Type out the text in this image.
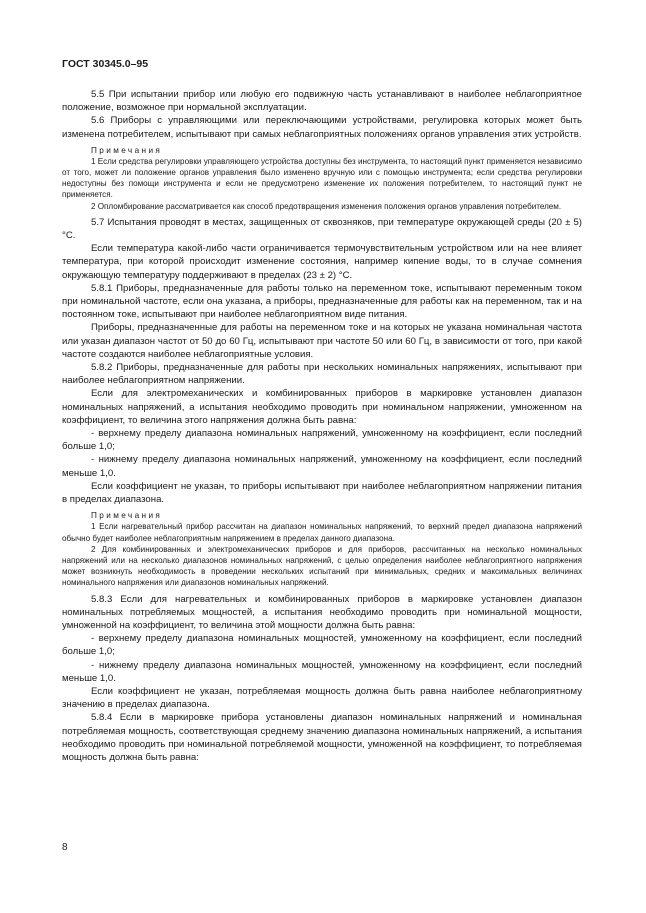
ГОСТ 30345.0–95
5.5 При испытании прибор или любую его подвижную часть устанавливают в наиболее неблагоприятное положение, возможное при нормальной эксплуатации.
5.6 Приборы с управляющими или переключающими устройствами, регулировка которых может быть изменена потребителем, испытывают при самых неблагоприятных положениях органов управления этих устройств.
Примечания
1 Если средства регулировки управляющего устройства доступны без инструмента, то настоящий пункт применяется независимо от того, может ли положение органов управления было изменено вручную или с помощью инструмента; если средства регулировки недоступны без помощи инструмента и если не предусмотрено изменение их положения потребителем, то настоящий пункт не применяется.
2 Опломбирование рассматривается как способ предотвращения изменения положения органов управления потребителем.
5.7 Испытания проводят в местах, защищенных от сквозняков, при температуре окружающей среды (20 ± 5) °С.
Если температура какой-либо части ограничивается термочувствительным устройством или на нее влияет температура, при которой происходит изменение состояния, например кипение воды, то в случае сомнения окружающую температуру поддерживают в пределах (23 ± 2) °С.
5.8.1 Приборы, предназначенные для работы только на переменном токе, испытывают переменным током при номинальной частоте, если она указана, а приборы, предназначенные для работы как на переменном, так и на постоянном токе, испытывают при наиболее неблагоприятном виде питания.
Приборы, предназначенные для работы на переменном токе и на которых не указана номинальная частота или указан диапазон частот от 50 до 60 Гц, испытывают при частоте 50 или 60 Гц, в зависимости от того, при какой частоте создаются наиболее неблагоприятные условия.
5.8.2 Приборы, предназначенные для работы при нескольких номинальных напряжениях, испытывают при наиболее неблагоприятном напряжении.
Если для электромеханических и комбинированных приборов в маркировке установлен диапазон номинальных напряжений, а испытания необходимо проводить при номинальном напряжении, умноженном на коэффициент, то величина этого напряжения должна быть равна:
- верхнему пределу диапазона номинальных напряжений, умноженному на коэффициент, если последний больше 1,0;
- нижнему пределу диапазона номинальных напряжений, умноженному на коэффициент, если последний меньше 1,0.
Если коэффициент не указан, то приборы испытывают при наиболее неблагоприятном напряжении питания в пределах диапазона.
Примечания
1 Если нагревательный прибор рассчитан на диапазон номинальных напряжений, то верхний предел диапазона напряжений обычно будет наиболее неблагоприятным напряжением в пределах данного диапазона.
2 Для комбинированных и электромеханических приборов и для приборов, рассчитанных на несколько номинальных напряжений или на несколько диапазонов номинальных напряжений, с целью определения наиболее неблагоприятного напряжения может возникнуть необходимость в проведении нескольких испытаний при минимальных, средних и максимальных величинах номинального напряжения или диапазонов номинальных напряжений.
5.8.3 Если для нагревательных и комбинированных приборов в маркировке установлен диапазон номинальных потребляемых мощностей, а испытания необходимо проводить при номинальной мощности, умноженной на коэффициент, то величина этой мощности должна быть равна:
- верхнему пределу диапазона номинальных мощностей, умноженному на коэффициент, если последний больше 1,0;
- нижнему пределу диапазона номинальных мощностей, умноженному на коэффициент, если последний меньше 1,0.
Если коэффициент не указан, потребляемая мощность должна быть равна наиболее неблагоприятному значению в пределах диапазона.
5.8.4 Если в маркировке прибора установлены диапазон номинальных напряжений и номинальная потребляемая мощность, соответствующая среднему значению диапазона номинальных напряжений, а испытания необходимо проводить при номинальной потребляемой мощности, умноженной на коэффициент, то потребляемая мощность должна быть равна:
8
